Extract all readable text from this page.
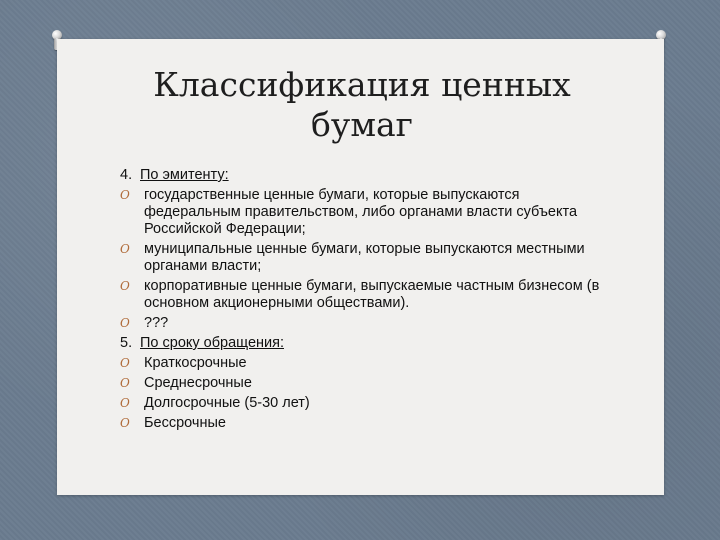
Классификация ценных
бумаг
4. По эмитенту:
O государственные ценные бумаги, которые выпускаются федеральным правительством, либо органами власти субъекта Российской Федерации;
O муниципальные ценные бумаги, которые выпускаются местными органами власти;
O корпоративные ценные бумаги, выпускаемые частным бизнесом (в основном акционерными обществами).
O ???
5. По сроку обращения:
O Краткосрочные
O Среднесрочные
O Долгосрочные (5-30 лет)
O Бессрочные
